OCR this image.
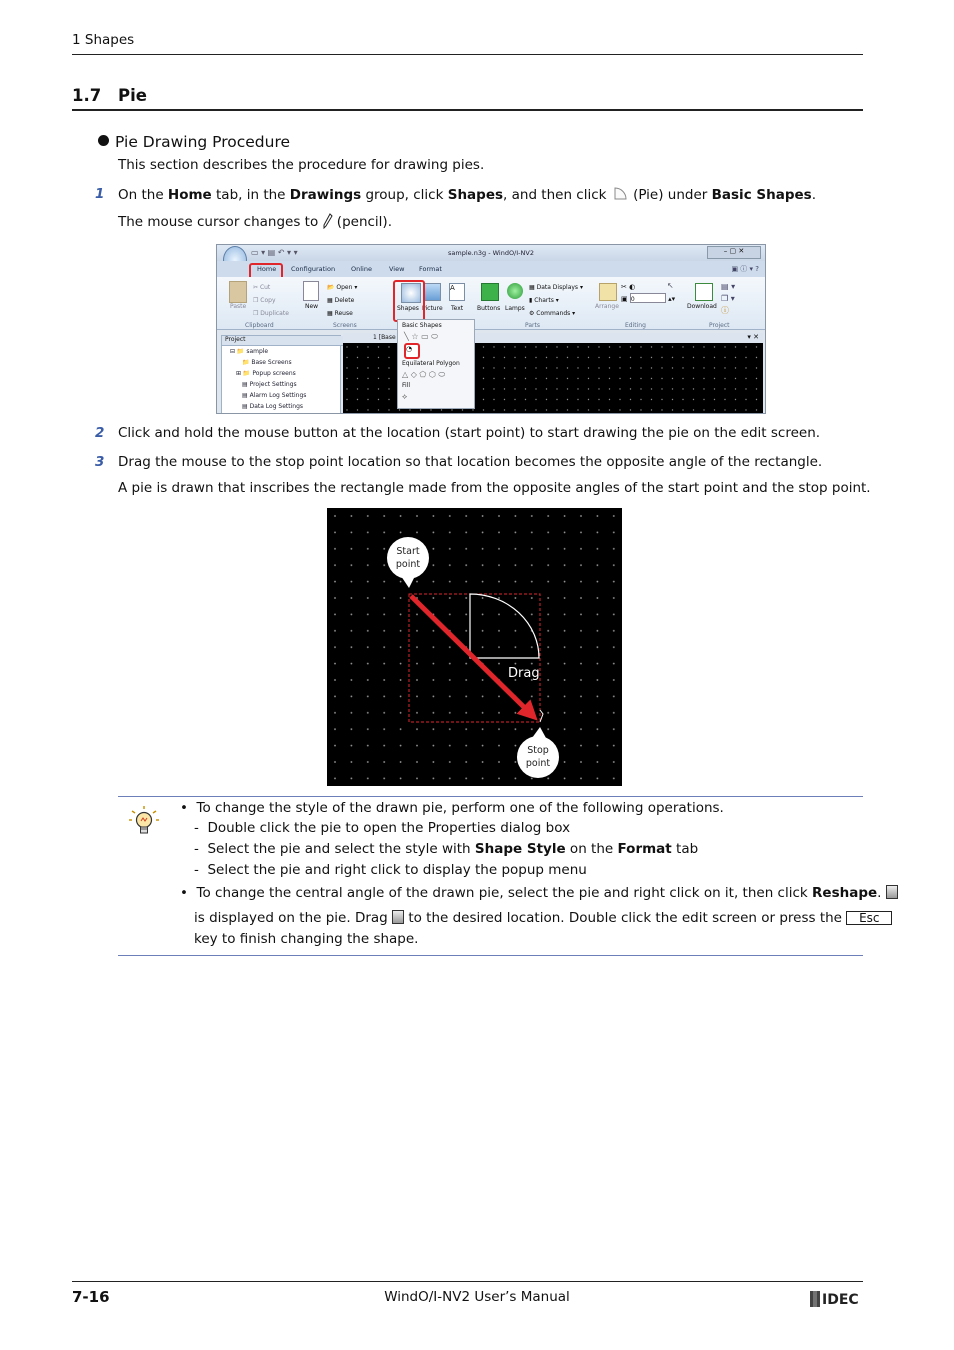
1 Shapes
1.7 Pie
Pie Drawing Procedure
This section describes the procedure for drawing pies.
1 On the Home tab, in the Drawings group, click Shapes, and then click  (Pie) under Basic Shapes.
The mouse cursor changes to  (pencil).
▭ ▾ ▤ ↶ ▾ ▾	sample.n3g - WindO/I-NV2	– ▢ ✕
Home Configuration Online	View Format	▣ ⓘ ▾ ?
Paste
✂ Cut
❐ Copy
❐ Duplicate
New
📂 Open ▾
▦ Delete
▦ Reuse
Shapes Picture
A
Text Buttons Lamps
▦ Data Displays ▾
▮ Charts ▾
⚙ Commands ▾
Arrange
✂ ◐
▣ 0	▴▾
↖
Download
▤ ▾
❐ ▾
ⓘ
Clipboard	Screens	Parts	Editing	Project
Project
⊟ 📁 sample
📁 Base Screens
⊞ 📁 Popup screens
▤ Project Settings
▤ Alarm Log Settings
▤ Data Log Settings
1 [Base	▾ ✕
Basic Shapes
╲ ☆ ▭ ⬭
◔
Equilateral Polygon
△ ◇ ⬠ ⬡ ⬭
Fill
⟡
2 Click and hold the mouse button at the location (start point) to start drawing the pie on the edit screen.
3 Drag the mouse to the stop point location so that location becomes the opposite angle of the rectangle.
A pie is drawn that inscribes the rectangle made from the opposite angles of the start point and the stop point.
Start
point
Stop
point
Drag
•  To change the style of the drawn pie, perform one of the following operations.
-  Double click the pie to open the Properties dialog box
-  Select the pie and select the style with Shape Style on the Format tab
-  Select the pie and right click to display the popup menu
•  To change the central angle of the drawn pie, select the pie and right click on it, then click Reshape.
is displayed on the pie. Drag  to the desired location. Double click the edit screen or press the Esc
key to finish changing the shape.
7-16	WindO/I-NV2 User’s Manual	IDEC
